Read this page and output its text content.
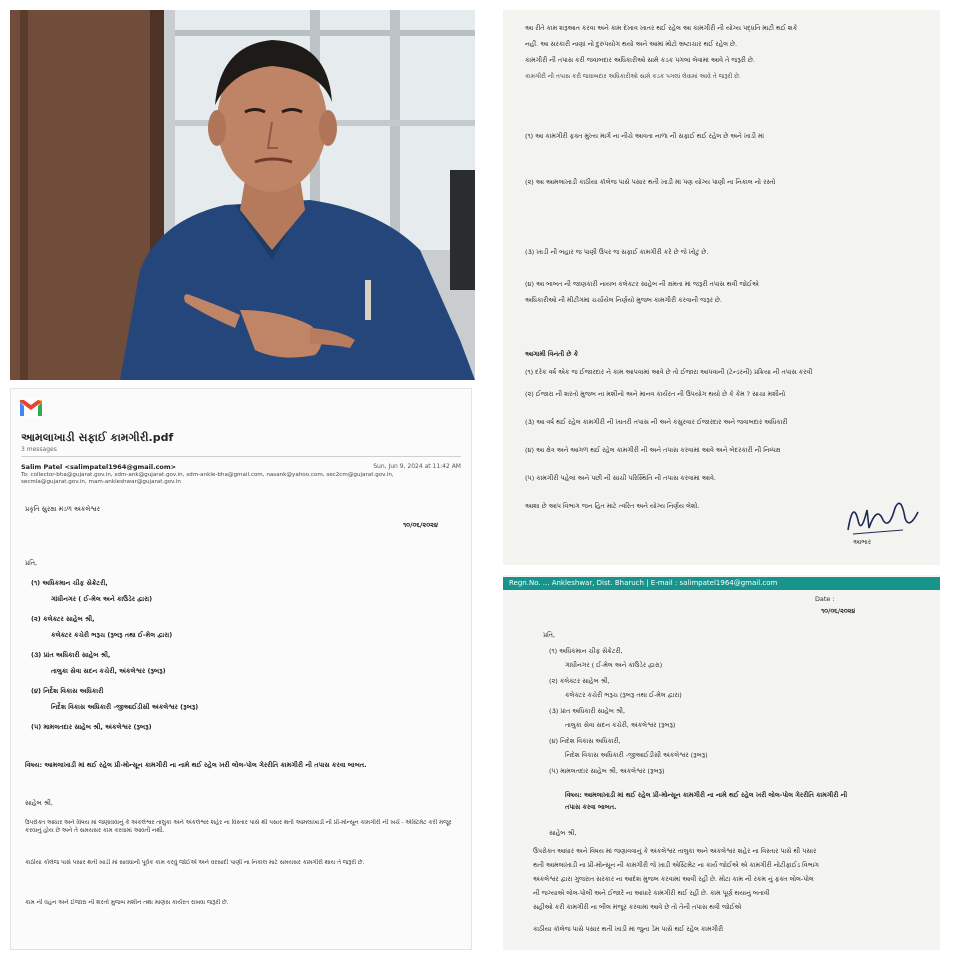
આમલાખાડી સફાઈ કામગીરી.pdf
3 messages
Salim Patel <salimpatel1964@gmail.com>	Sun, Jun 9, 2024 at 11:42 AM
To: collector-bha@gujarat.gov.in, sdm-ank@gujarat.gov.in, sdm-ankle-bha@gmail.com, nasank@yahoo.com, sec2cm@gujarat.gov.in,
secmla@gujarat.gov.in, mam-ankleshwar@gujarat.gov.in
પ્રકૃતિ સુરક્ષા મંડળ અંકલેશ્વર
૧૦/૦૬/૨૦૨૪
પ્રતિ,
(૧) અધિકમાન ચીફ સેક્રેટરી,
ગાંધીનગર ( ઈ-મેલ અને કાઉડેર દ્વારા)
(૨) કલેક્ટર સાહેબ શ્રી,
કલેક્ટર કચેરી ભરૂચ (રૂબરૂ તથા ઈ-મેલ દ્વારા)
(૩) પ્રાંત અધિકારી સાહેબ શ્રી,
તાલુકા સેવા સદન કચેરી, અંકલેશ્વર (રૂબરૂ)
(૪) નિર્દેશ વિકાસ અધિકારી
નિર્દેશ વિકાસ અધિકારી -જીઆઈડીસી અંકલેશ્વર (રૂબરૂ)
(૫) મામલતદાર સાહેબ શ્રી, અંકલેશ્વર (રૂબરૂ)
વિષય: આમલાખાડી માં થઈ રહેલ પ્રી-મોન્સૂન કામગીરી ના નામે થઈ રહેલ ખરી લોલ-પોલ ગેરરીતિ કામગીરી ની તપાસ કરવા બાબત.
સાહેબ શ્રી,
ઉપરોક્ત આધાર અને વિષય માં જણાવવાનું કે અંકલેશ્વર તાલુકા અને અંકલેશ્વર શહેર ના વિસ્તાર પાસે થી પસાર થતી આમલાખાડી ની પ્રી-મોન્સૂન કામગીરી ની ખર્ચ - એસ્ટિમેટ કરી મંજૂર કરવાનું હોય છે અને તે સમયસર કામ કરવામાં આવતી નથી.
કાઠીયા કૉલેજ પાસે પસાર થતી ખાડી માં સાવધાની પૂર્વક કામ કરવું જોઈએ અને વરસાદી પાણી ના નિકાલ માટે સમયસર કામગીરી થાય તે જરૂરી છે.
કામ ની વહન અને ઈજારા ની શરતો મુજબ મશીન તથા માણસ કાર્યરત રાખવા જરૂરી છે.
આ રીતે કામ શરૂઆત કરવા અને કામ દેખાવ ખાતર થઈ રહેલ આ કામગીરી ની યોગ્ય પદ્ધતિ માટી થઈ શકે
નહીં. આ સરકારી નાણાં નો દુરુપયોગ થયો અને આમાં મોટો ભ્રષ્ટાચાર થઈ રહેલ છે.
કામગીરી ની તપાસ કરી જવાબદાર અધિકારીઓ સામે કડક પગલાં લેવામાં આવે તે જરૂરી છે.
કામગીરી ની તપાસ કરી જવાબદાર અધિકારીઓ સામે કડક પગલાં લેવામાં આવે તે જરૂરી છે.
(૧) આ કામગીરી ફક્ત મુખ્ય માર્ગ ના નીચે આવતા નાળા ની સફાઈ થઈ રહેલ છે અને ખાડી માં
(૨) આ આમલાખાડી કાઠીયા કૉલેજ પાસે પસાર થતી ખાડી માં પણ યોગ્ય પાણી ના નિકાલ નો રસ્તો
(૩) ખાડી ની બહાર જ પાણી ઉપર જ સફાઈ કામગીરી કરે છે જે ખોટું છે.
(૪) આ બાબત ની જાણકારી નાયબ કલેક્ટર સાહેબ ની ક્ષમતા માં જરૂરી તપાસ થવી જોઈએ
અધિકારીઓ ની મીટીંગમાં ચર્ચાયેલ નિર્ણયો મુજબ કામગીરી કરવાની જરૂર છે.
આગામી વિનંતી છે કે
(૧) દરેક વર્ષ એક જ ઈજારદાર ને કામ આપવામાં આવે છે તો ઈજારા આપવાની (ટેન્ડરની) પ્રક્રિયા ની તપાસ કરવી
(૨) ઈજારા ની શરતો મુજબ ના મશીનો અને માનવ કાર્યરત ની ઉપયોગ થયો છે કે કેમ ? સાચા મશીનો
(૩) આ વર્ષ થઈ રહેલ કામગીરી ની ખાતરી તપાસ ની અને કસુરવાર ઈજારદાર અને જવાબદાર અધિકારી
(૪) આ ક્ષેત્ર અને આગળ થઈ રહેલ કામગીરી ની અને તપાસ કરવામાં આવે અને બેદરકારી ની નિષ્પક્ષ
(૫) કામગીરી પહેલાં અને પછી ની સાચી પરિસ્થિતિ ની તપાસ કરવામાં આવે.
આશા છે આપ વિભાગ જન હિત માટે ત્વરિત અને યોગ્ય નિર્ણય લેશો.
આભાર
Regn.No. ... Ankleshwar, Dist. Bharuch | E-mail : salimpatel1964@gmail.com
Date :
૧૦/૦૬/૨૦૨૪
પ્રતિ,
(૧) અધિકમાન ચીફ સેક્રેટરી,
ગાંધીનગર ( ઈ-મેલ અને કાઉડેર દ્વારા)
(૨) કલેક્ટર સાહેબ શ્રી,
કલેક્ટર કચેરી ભરૂચ (રૂબરૂ તથા ઈ-મેલ દ્વારા)
(૩) પ્રાંત અધિકારી સાહેબ શ્રી,
તાલુકા સેવા સદન કચેરી, અંકલેશ્વર (રૂબરૂ)
(૪) નિર્દેશ વિકાસ અધિકારી,
નિર્દેશ વિકાસ અધિકારી -જીઆઈડીસી અંકલેશ્વર (રૂબરૂ)
(૫) મામલતદાર સાહેબ શ્રી, અંકલેશ્વર (રૂબરૂ)
વિષય: આમલાખાડી માં થઈ રહેલ પ્રી-મોન્સૂન કામગીરી ના નામે થઈ રહેલ ખરી લોલ-પોલ ગેરરીતિ કામગીરી ની
તપાસ કરવા બાબત.
સાહેબ શ્રી,
ઉપરોક્ત આધાર અને વિષય માં જણાવવાનું કે અંકલેશ્વર તાલુકા અને અંકલેશ્વર શહેર ના વિસ્તાર પાસે થી પસાર
થતી આમલાખાડી ના પ્રી-મોન્સૂન ની કામગીરી જે ખાડી એસ્ટિમેટ ના કાર્ય જોઈએ એ કામગીરી નોટીફાઈડ વિભાગ
અંકલેશ્વર દ્વારા ગુજરાત સરકાર ના આદેશ મુજબ કરવામાં આવી રહી છે. મોટા કામ ની રકમ નું ફક્ત લોલ-પોલ
ની જગ્યાએ લોલ-પોલી અને ઈજારે ના આધારે કામગીરી થઈ રહી છે. કામ પૂર્ણ થયાનું બતાવી
સહીઓ કરી કામગીરી ના બીલ મંજૂર કરવામાં આવે છે તો તેની તપાસ થવી જોઈએ
કાઠીયા કૉલેજ પાસે પસાર થતી ખાડી માં જુના ડેમ પાસે થઈ રહેલ કામગીરી
